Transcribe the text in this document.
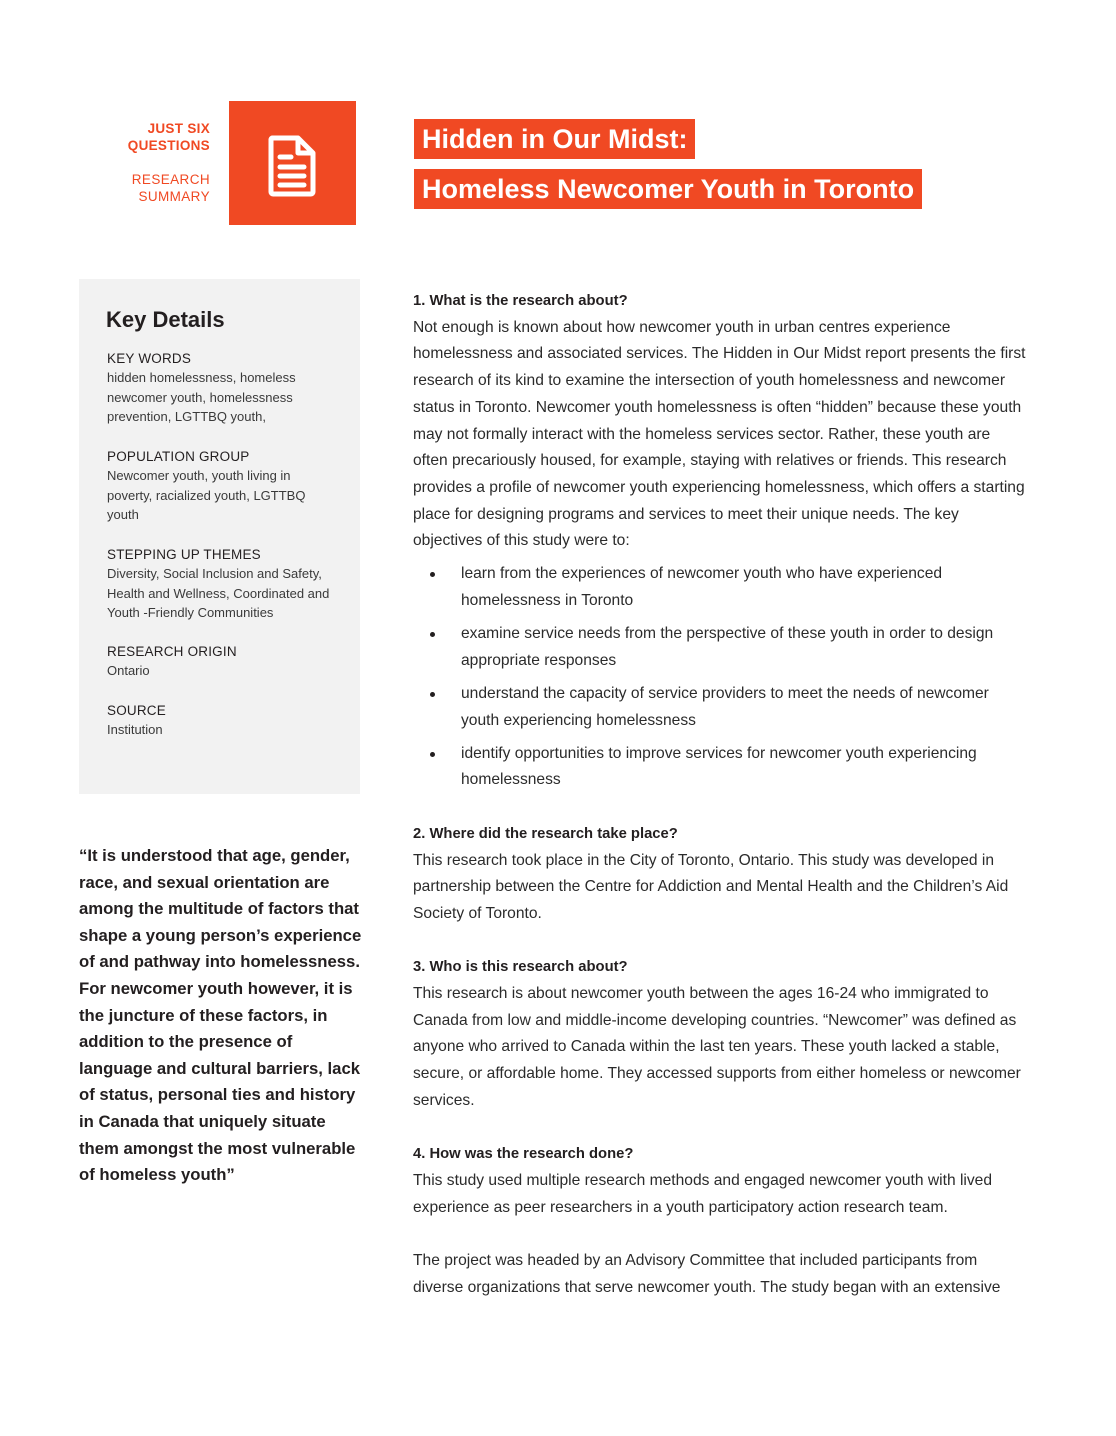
JUST SIX
QUESTIONS
RESEARCH
SUMMARY
Hidden in Our Midst:
Homeless Newcomer Youth in Toronto
Key Details
KEY WORDS
hidden homelessness, homeless newcomer youth, homelessness prevention, LGTTBQ youth,
POPULATION GROUP
Newcomer youth, youth living in poverty, racialized youth, LGTTBQ youth
STEPPING UP THEMES
Diversity, Social Inclusion and Safety, Health and Wellness, Coordinated and Youth -Friendly Communities
RESEARCH ORIGIN
Ontario
SOURCE
Institution
“It is understood that age, gender, race, and sexual orientation are among the multitude of factors that shape a young person’s experience of and pathway into homelessness. For newcomer youth however, it is the juncture of these factors, in addition to the presence of language and cultural barriers, lack of status, personal ties and history in Canada that uniquely situate them amongst the most vulnerable of homeless youth”
1. What is the research about?

Not enough is known about how newcomer youth in urban centres experience homelessness and associated services. The Hidden in Our Midst report presents the first research of its kind to examine the intersection of youth homelessness and newcomer status in Toronto. Newcomer youth homelessness is often “hidden” because these youth may not formally interact with the homeless services sector. Rather, these youth are often precariously housed, for example, staying with relatives or friends. This research provides a profile of newcomer youth experiencing homelessness, which offers a starting place for designing programs and services to meet their unique needs. The key objectives of this study were to:

learn from the experiences of newcomer youth who have experienced homelessness in Toronto
examine service needs from the perspective of these youth in order to design appropriate responses
understand the capacity of service providers to meet the needs of newcomer youth experiencing homelessness
identify opportunities to improve services for newcomer youth experiencing homelessness
2. Where did the research take place?

This research took place in the City of Toronto, Ontario. This study was developed in partnership between the Centre for Addiction and Mental Health and the Children’s Aid Society of Toronto.

3. Who is this research about?

This research is about newcomer youth between the ages 16-24 who immigrated to Canada from low and middle-income developing countries. “Newcomer” was defined as anyone who arrived to Canada within the last ten years. These youth lacked a stable, secure, or affordable home. They accessed supports from either homeless or newcomer services.

4. How was the research done?

This study used multiple research methods and engaged newcomer youth with lived experience as peer researchers in a youth participatory action research team.

The project was headed by an Advisory Committee that included participants from diverse organizations that serve newcomer youth. The study began with an extensive
